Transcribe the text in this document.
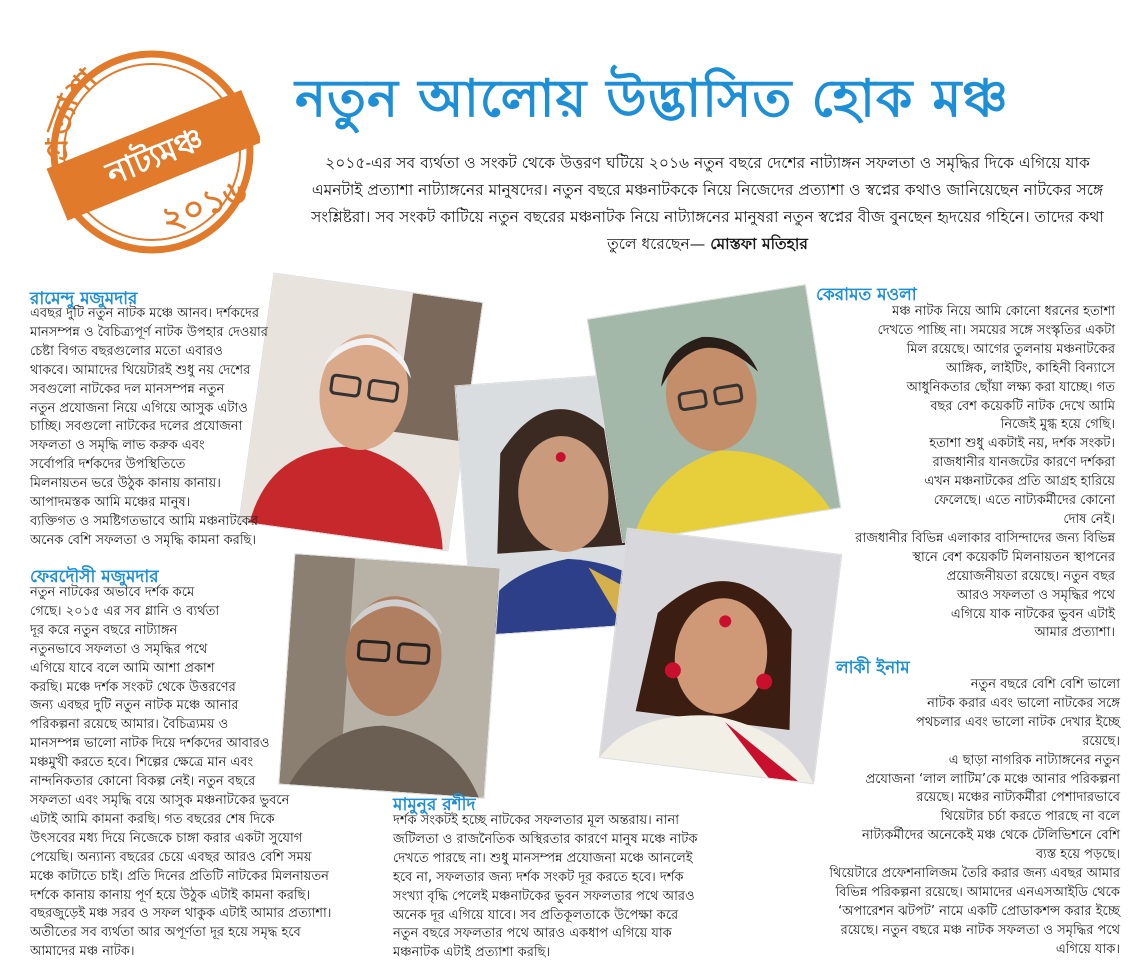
প্রত্যাশা
নাট্যমঞ্চ
২০১৬
নতুন আলোয় উদ্ভাসিত হোক মঞ্চ
২০১৫-এর সব ব্যর্থতা ও সংকট থেকে উত্তরণ ঘটিয়ে ২০১৬ নতুন বছরে দেশের নাট্যাঙ্গন সফলতা ও সমৃদ্ধির দিকে এগিয়ে যাক এমনটাই প্রত্যাশা নাট্যাঙ্গনের মানুষদের। নতুন বছরে মঞ্চনাটককে নিয়ে নিজেদের প্রত্যাশা ও স্বপ্নের কথাও জানিয়েছেন নাটকের সঙ্গে সংশ্লিষ্টরা। সব সংকট কাটিয়ে নতুন বছরের মঞ্চনাটক নিয়ে নাট্যাঙ্গনের মানুষরা নতুন স্বপ্নের বীজ বুনছেন হৃদয়ের গহিনে। তাদের কথা তুলে ধরেছেন— মোস্তফা মতিহার
রামেন্দু মজুমদার

এবছর দুটি নতুন নাটক মঞ্চে আনব। দর্শকদের

মানসম্পন্ন ও বৈচিত্র্যপূর্ণ নাটক উপহার দেওয়ার

চেষ্টা বিগত বছরগুলোর মতো এবারও

থাকবে। আমাদের থিয়েটারই শুধু নয় দেশের

সবগুলো নাটকের দল মানসম্পন্ন নতুন

নতুন প্রযোজনা নিয়ে এগিয়ে আসুক এটাও

চাচ্ছি। সবগুলো নাটকের দলের প্রযোজনা

সফলতা ও সমৃদ্ধি লাভ করুক এবং

সর্বোপরি দর্শকদের উপস্থিতিতে

মিলনায়তন ভরে উঠুক কানায় কানায়।

আপাদমস্তক আমি মঞ্চের মানুষ।

ব্যক্তিগত ও সমষ্টিগতভাবে আমি মঞ্চনাটকের

অনেক বেশি সফলতা ও সমৃদ্ধি কামনা করছি।

ফেরদৌসী মজুমদার

নতুন নাটকের অভাবে দর্শক কমে

গেছে। ২০১৫ এর সব গ্লানি ও ব্যর্থতা

দূর করে নতুন বছরে নাট্যাঙ্গন

নতুনভাবে সফলতা ও সমৃদ্ধির পথে

এগিয়ে যাবে বলে আমি আশা প্রকাশ

করছি। মঞ্চে দর্শক সংকট থেকে উত্তরণের

জন্য এবছর দুটি নতুন নাটক মঞ্চে আনার

পরিকল্পনা রয়েছে আমার। বৈচিত্র্যময় ও

মানসম্পন্ন ভালো নাটক দিয়ে দর্শকদের আবারও

মঞ্চমুখী করতে হবে। শিল্পের ক্ষেত্রে মান এবং

নান্দনিকতার কোনো বিকল্প নেই। নতুন বছরে

সফলতা এবং সমৃদ্ধি বয়ে আসুক মঞ্চনাটকের ভুবনে

এটাই আমি কামনা করছি। গত বছরের শেষ দিকে

উৎসবের মধ্য দিয়ে নিজেকে চাঙ্গা করার একটা সুযোগ

পেয়েছি। অন্যান্য বছরের চেয়ে এবছর আরও বেশি সময়

মঞ্চে কাটাতে চাই। প্রতি দিনের প্রতিটি নাটকের মিলনায়তন

দর্শকে কানায় কানায় পূর্ণ হয়ে উঠুক এটাই কামনা করছি।

বছরজুড়েই মঞ্চ সরব ও সফল থাকুক এটাই আমার প্রত্যাশা।

অতীতের সব ব্যর্থতা আর অপূর্ণতা দূর হয়ে সমৃদ্ধ হবে

আমাদের মঞ্চ নাটক।

মামুনুর রশীদ

দর্শক সংকটই হচ্ছে নাটকের সফলতার মূল অন্তরায়। নানা

জটিলতা ও রাজনৈতিক অস্থিরতার কারণে মানুষ মঞ্চে নাটক

দেখতে পারছে না। শুধু মানসম্পন্ন প্রযোজনা মঞ্চে আনলেই

হবে না, সফলতার জন্য দর্শক সংকট দূর করতে হবে। দর্শক

সংখ্যা বৃদ্ধি পেলেই মঞ্চনাটকের ভুবন সফলতার পথে আরও

অনেক দূর এগিয়ে যাবে। সব প্রতিকূলতাকে উপেক্ষা করে

নতুন বছরে সফলতার পথে আরও একধাপ এগিয়ে যাক

মঞ্চনাটক এটাই প্রত্যাশা করছি।

কেরামত মওলা

মঞ্চ নাটক নিয়ে আমি কোনো ধরনের হতাশা

দেখতে পাচ্ছি না। সময়ের সঙ্গে সংস্কৃতির একটা

মিল রয়েছে। আগের তুলনায় মঞ্চনাটকের

আঙ্গিক, লাইটিং, কাহিনী বিন্যাসে

আধুনিকতার ছোঁয়া লক্ষ্য করা যাচ্ছে। গত

বছর বেশ কয়েকটি নাটক দেখে আমি

নিজেই মুগ্ধ হয়ে গেছি।

হতাশা শুধু একটাই নয়, দর্শক সংকট।

রাজধানীর যানজটের কারণে দর্শকরা

এখন মঞ্চনাটকের প্রতি আগ্রহ হারিয়ে

ফেলেছে। এতে নাট্যকর্মীদের কোনো

দোষ নেই।

রাজধানীর বিভিন্ন এলাকার বাসিন্দাদের জন্য বিভিন্ন

স্থানে বেশ কয়েকটি মিলনায়তন স্থাপনের

প্রয়োজনীয়তা রয়েছে। নতুন বছর

আরও সফলতা ও সমৃদ্ধির পথে

এগিয়ে যাক নাটকের ভুবন এটাই

আমার প্রত্যাশা।

লাকী ইনাম

নতুন বছরে বেশি বেশি ভালো

নাটক করার এবং ভালো নাটকের সঙ্গে

পথচলার এবং ভালো নাটক দেখার ইচ্ছে

রয়েছে।

এ ছাড়া নাগরিক নাট্যাঙ্গনের নতুন

প্রযোজনা ‘লাল লাটিম’কে মঞ্চে আনার পরিকল্পনা

রয়েছে। মঞ্চের নাট্যকর্মীরা পেশাদারভাবে

থিয়েটার চর্চা করতে পারছে না বলে

নাট্যকর্মীদের অনেকেই মঞ্চ থেকে টেলিভিশনে বেশি

ব্যস্ত হয়ে পড়ছে।

থিয়েটারে প্রফেশনালিজম তৈরি করার জন্য এবছর আমার

বিভিন্ন পরিকল্পনা রয়েছে। আমাদের এনএসআইডি থেকে

‘অপারেশন ঝটপট’ নামে একটি প্রোডাকশন্স করার ইচ্ছে

রয়েছে। নতুন বছরে মঞ্চ নাটক সফলতা ও সমৃদ্ধির পথে

এগিয়ে যাক।
